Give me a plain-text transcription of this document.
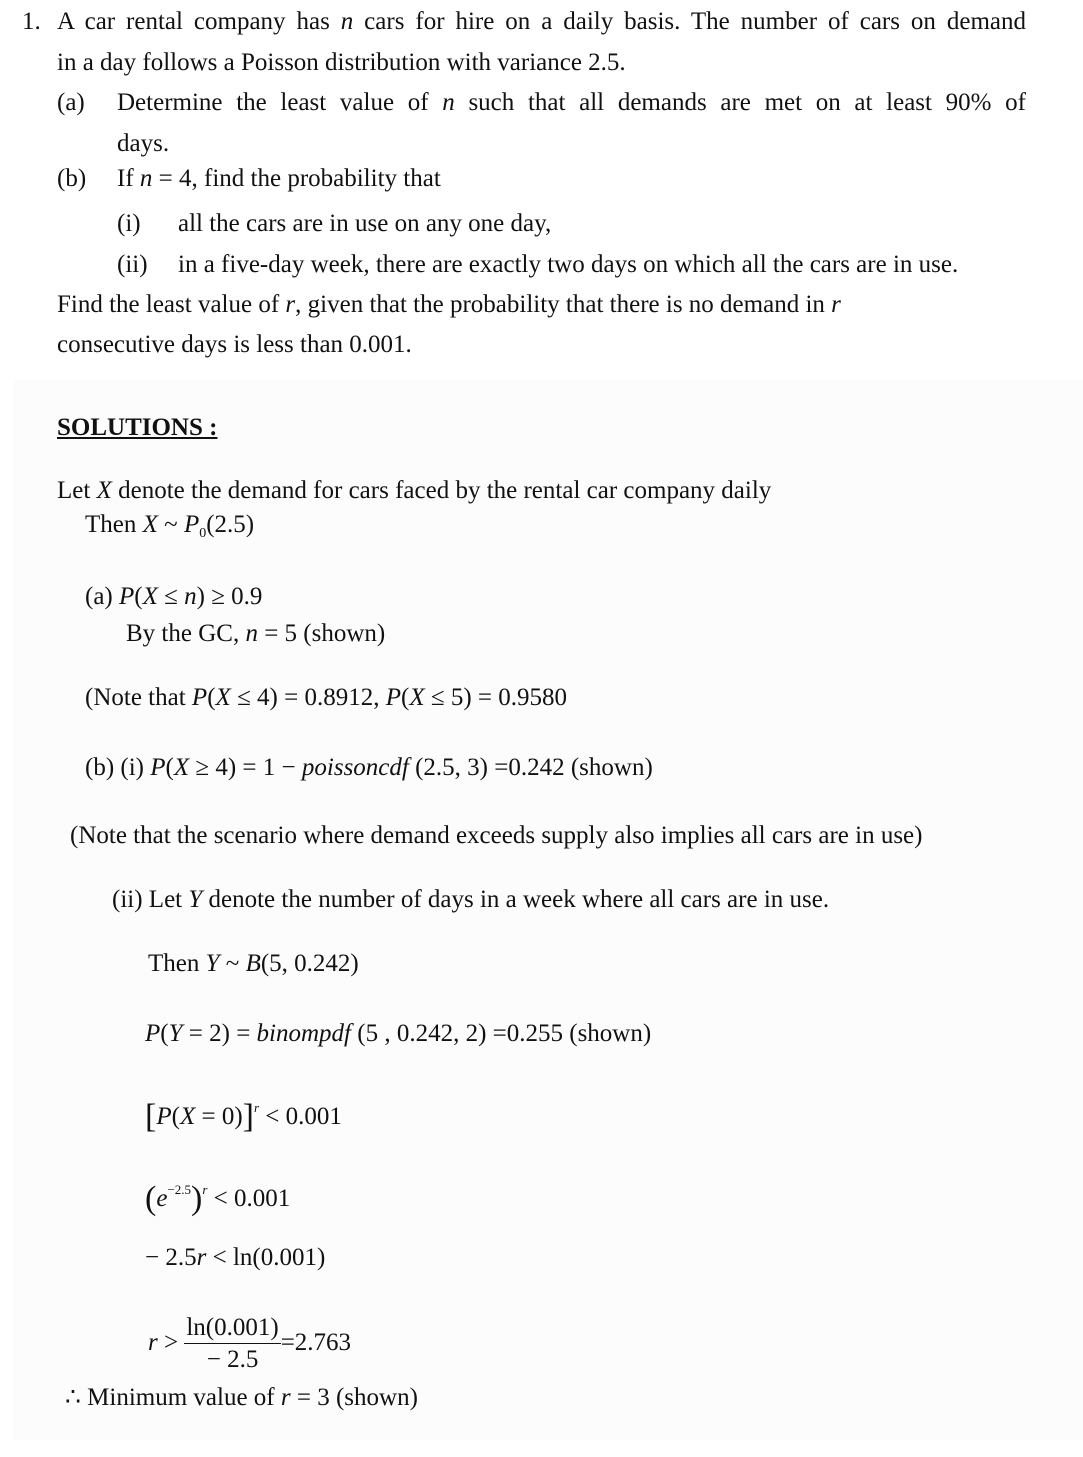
1. A car rental company has n cars for hire on a daily basis. The number of cars on demand
in a day follows a Poisson distribution with variance 2.5.
(a) Determine the least value of n such that all demands are met on at least 90% of
days.
(b) If n = 4, find the probability that
(i) all the cars are in use on any one day,
(ii) in a five-day week, there are exactly two days on which all the cars are in use.
Find the least value of r, given that the probability that there is no demand in r
consecutive days is less than 0.001.
SOLUTIONS :
Let X denote the demand for cars faced by the rental car company daily
Then X ~ $P_0(2.5)$
(a) P(X ≤ n) ≥ 0.9
By the GC, n = 5 (shown)
(Note that P(X ≤ 4) = 0.8912, P(X ≤ 5) = 0.9580
(b) (i) P(X ≥ 4) = 1 − poissoncdf (2.5, 3) =0.242 (shown)
(Note that the scenario where demand exceeds supply also implies all cars are in use)
(ii) Let Y denote the number of days in a week where all cars are in use.
Then Y ~ B(5, 0.242)
P(Y = 2) = binompdf (5 , 0.242, 2) =0.255 (shown)
[P(X = 0)]$^r$ < 0.001
$(e^{-2.5})^r < 0.001$
− 2.5r < ln(0.001)
$r > \frac{\ln(0.001)}{- 2.5} =2.763$
∴ Minimum value of r = 3 (shown)
